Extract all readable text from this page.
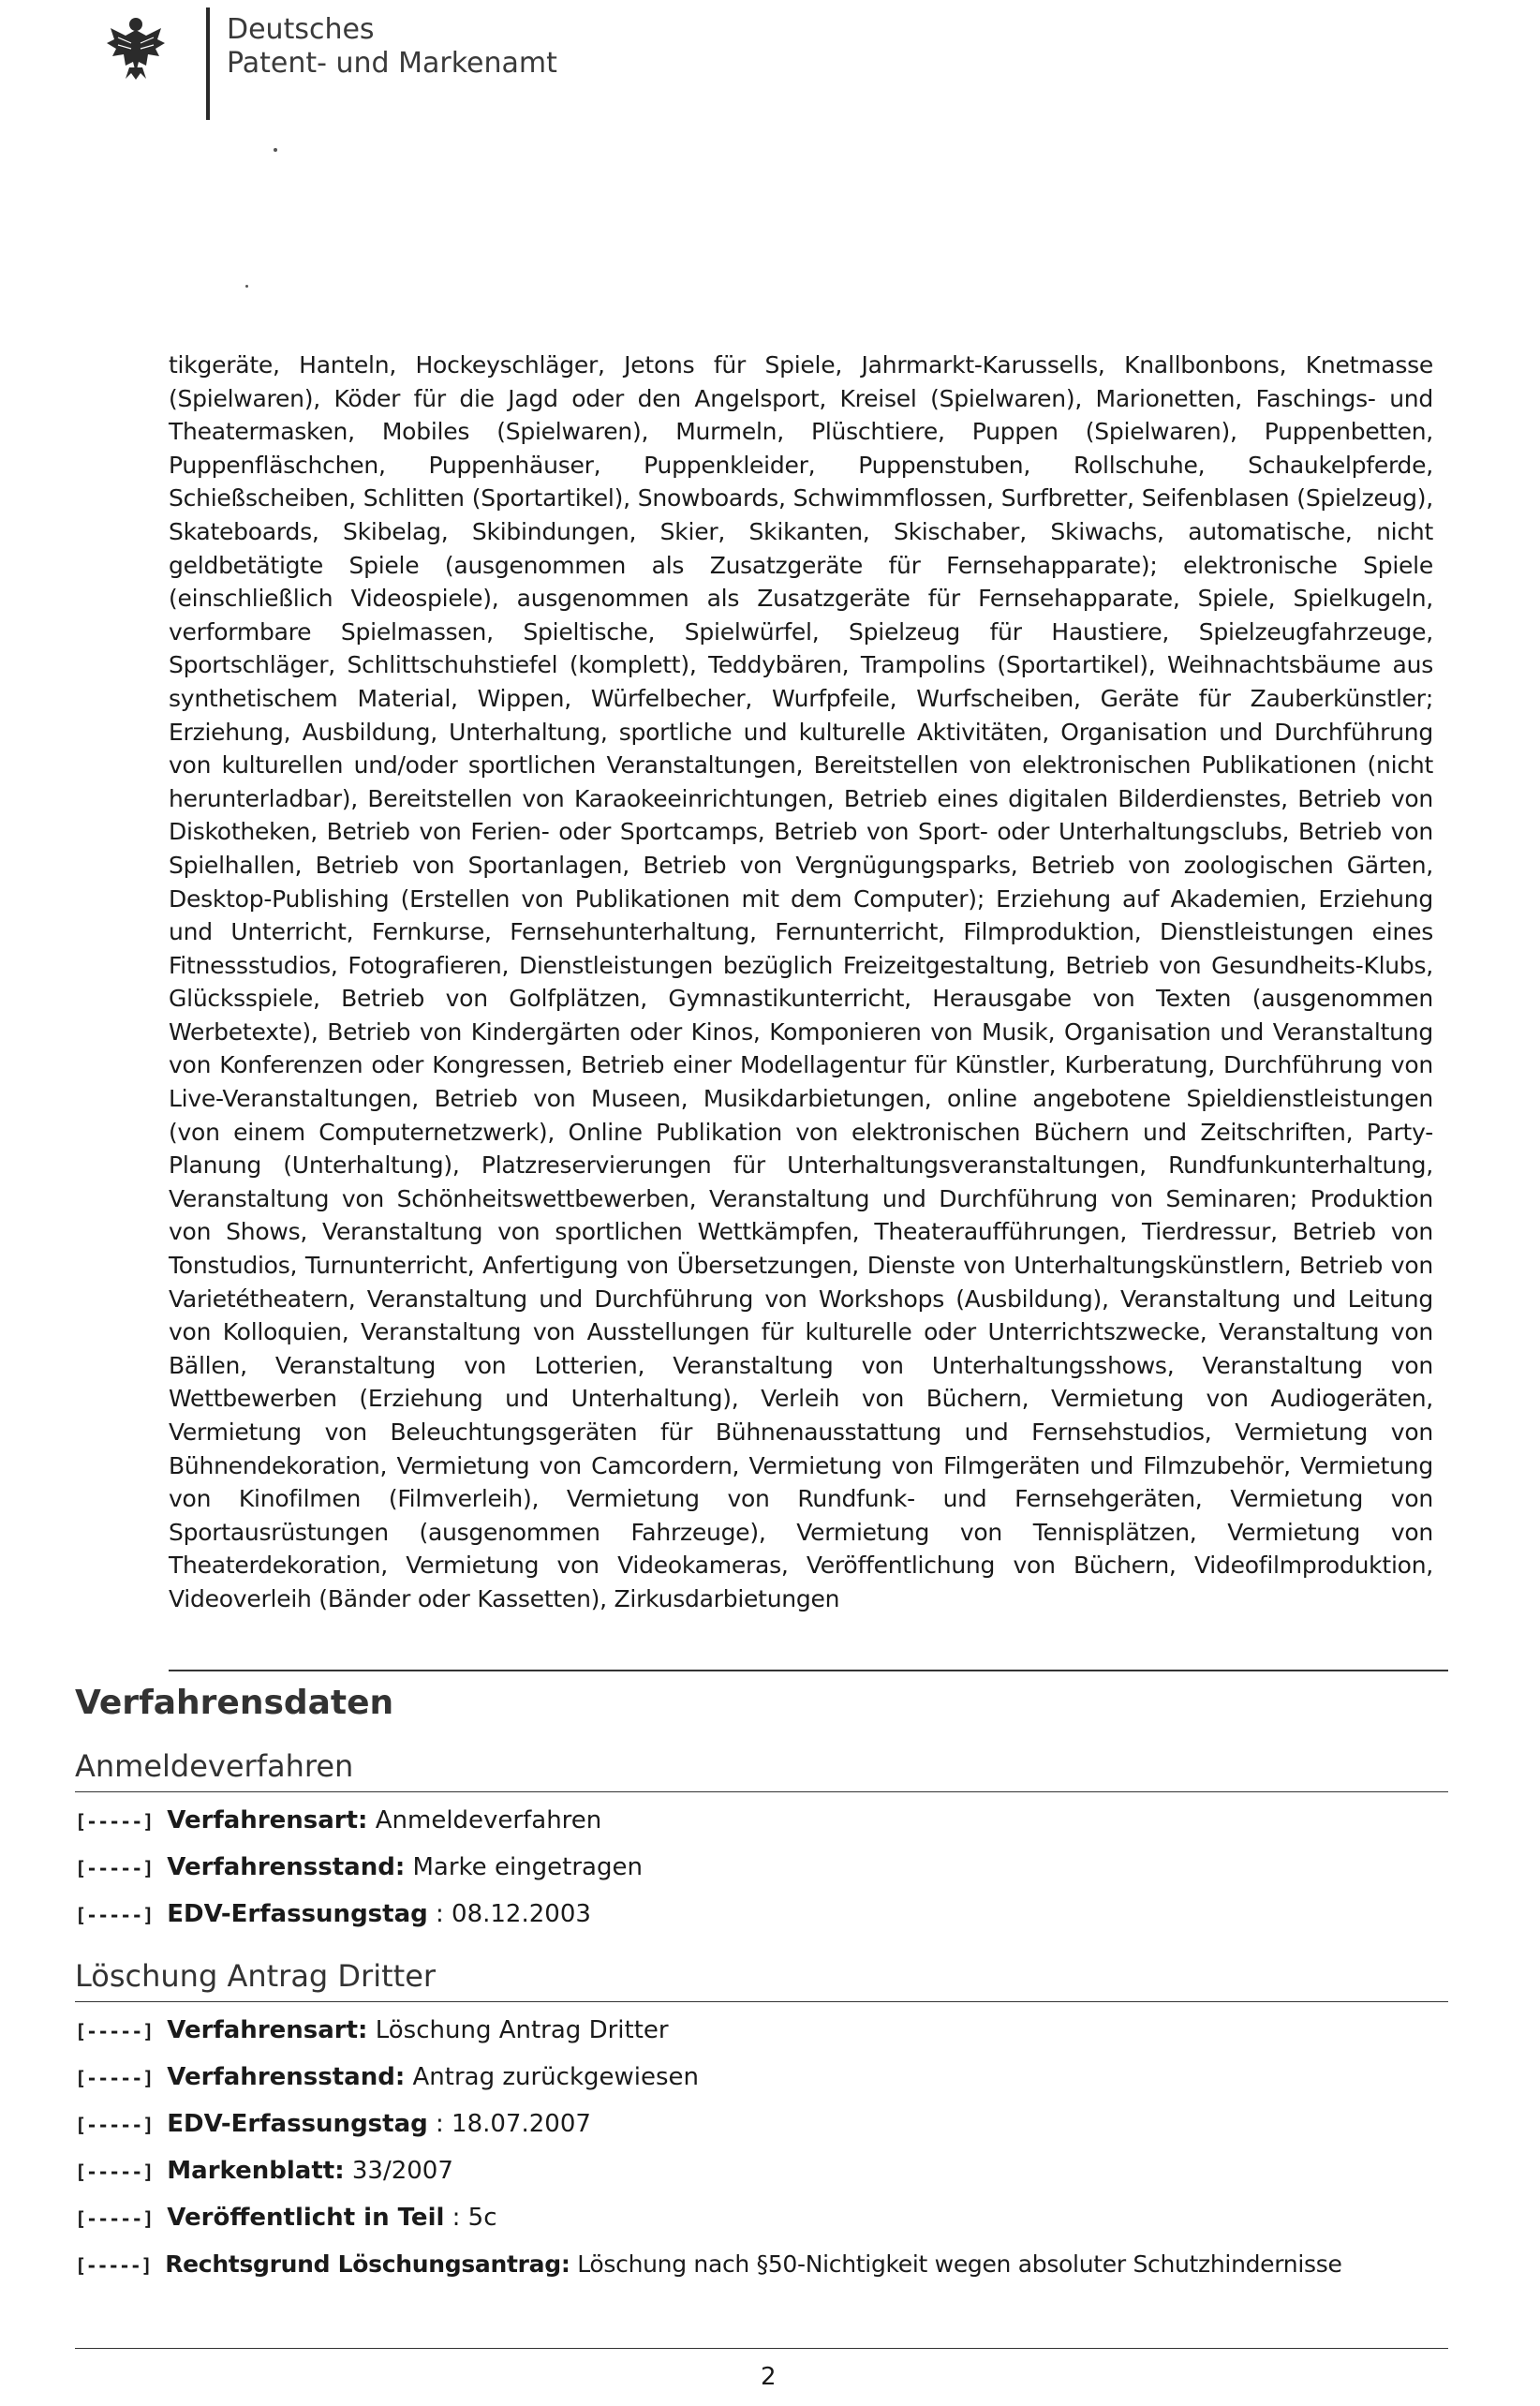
Deutsches
Patent- und Markenamt

tikgeräte, Hanteln, Hockeyschläger, Jetons für Spiele, Jahrmarkt-Karussells, Knallbonbons, Knetmasse (Spielwaren), Köder für die Jagd oder den Angelsport, Kreisel (Spielwaren), Marionetten, Faschings- und Theatermasken, Mobiles (Spielwaren), Murmeln, Plüschtiere, Puppen (Spielwaren), Puppenbetten, Puppenfläschchen, Puppenhäuser, Puppenkleider, Puppenstuben, Rollschuhe, Schaukelpferde, Schießscheiben, Schlitten (Sportartikel), Snowboards, Schwimmflossen, Surfbretter, Seifenblasen (Spielzeug), Skateboards, Skibelag, Skibindungen, Skier, Skikanten, Skischaber, Skiwachs, automatische, nicht geldbetätigte Spiele (ausgenommen als Zusatzgeräte für Fernsehapparate); elektronische Spiele (einschließlich Videospiele), ausgenommen als Zusatzgeräte für Fernsehapparate, Spiele, Spielkugeln, verformbare Spielmassen, Spieltische, Spielwürfel, Spielzeug für Haustiere, Spielzeugfahrzeuge, Sportschläger, Schlittschuhstiefel (komplett), Teddybären, Trampolins (Sportartikel), Weihnachtsbäume aus synthetischem Material, Wippen, Würfelbecher, Wurfpfeile, Wurfscheiben, Geräte für Zauberkünstler; Erziehung, Ausbildung, Unterhaltung, sportliche und kulturelle Aktivitäten, Organisation und Durchführung von kulturellen und/oder sportlichen Veranstaltungen, Bereitstellen von elektronischen Publikationen (nicht herunterladbar), Bereitstellen von Karaokeeinrichtungen, Betrieb eines digitalen Bilderdienstes, Betrieb von Diskotheken, Betrieb von Ferien- oder Sportcamps, Betrieb von Sport- oder Unterhaltungsclubs, Betrieb von Spielhallen, Betrieb von Sportanlagen, Betrieb von Vergnügungsparks, Betrieb von zoologischen Gärten, Desktop-Publishing (Erstellen von Publikationen mit dem Computer); Erziehung auf Akademien, Erziehung und Unterricht, Fernkurse, Fernsehunterhaltung, Fernunterricht, Filmproduktion, Dienstleistungen eines Fitnessstudios, Fotografieren, Dienstleistungen bezüglich Freizeitgestaltung, Betrieb von Gesundheits-Klubs, Glücksspiele, Betrieb von Golfplätzen, Gymnastikunterricht, Herausgabe von Texten (ausgenommen Werbetexte), Betrieb von Kindergärten oder Kinos, Komponieren von Musik, Organisation und Veranstaltung von Konferenzen oder Kongressen, Betrieb einer Modellagentur für Künstler, Kurberatung, Durchführung von Live-Veranstaltungen, Betrieb von Museen, Musikdarbietungen, online angebotene Spieldienstleistungen (von einem Computernetzwerk), Online Publikation von elektronischen Büchern und Zeitschriften, Party-Planung (Unterhaltung), Platzreservierungen für Unterhaltungsveranstaltungen, Rundfunkunterhaltung, Veranstaltung von Schönheitswettbewerben, Veranstaltung und Durchführung von Seminaren; Produktion von Shows, Veranstaltung von sportlichen Wettkämpfen, Theateraufführungen, Tierdressur, Betrieb von Tonstudios, Turnunterricht, Anfertigung von Übersetzungen, Dienste von Unterhaltungskünstlern, Betrieb von Varietétheatern, Veranstaltung und Durchführung von Workshops (Ausbildung), Veranstaltung und Leitung von Kolloquien, Veranstaltung von Ausstellungen für kulturelle oder Unterrichtszwecke, Veranstaltung von Bällen, Veranstaltung von Lotterien, Veranstaltung von Unterhaltungsshows, Veranstaltung von Wettbewerben (Erziehung und Unterhaltung), Verleih von Büchern, Vermietung von Audiogeräten, Vermietung von Beleuchtungsgeräten für Bühnenausstattung und Fernsehstudios, Vermietung von Bühnendekoration, Vermietung von Camcordern, Vermietung von Filmgeräten und Filmzubehör, Vermietung von Kinofilmen (Filmverleih), Vermietung von Rundfunk- und Fernsehgeräten, Vermietung von Sportausrüstungen (ausgenommen Fahrzeuge), Vermietung von Tennisplätzen, Vermietung von Theaterdekoration, Vermietung von Videokameras, Veröffentlichung von Büchern, Videofilmproduktion, Videoverleih (Bänder oder Kassetten), Zirkusdarbietungen

Verfahrensdaten
Anmeldeverfahren
[-----] Verfahrensart: Anmeldeverfahren
[-----] Verfahrensstand: Marke eingetragen
[-----] EDV-Erfassungstag : 08.12.2003
Löschung Antrag Dritter
[-----] Verfahrensart: Löschung Antrag Dritter
[-----] Verfahrensstand: Antrag zurückgewiesen
[-----] EDV-Erfassungstag : 18.07.2007
[-----] Markenblatt: 33/2007
[-----] Veröffentlicht in Teil : 5c
[-----] Rechtsgrund Löschungsantrag: Löschung nach §50-Nichtigkeit wegen absoluter Schutzhindernisse
2
